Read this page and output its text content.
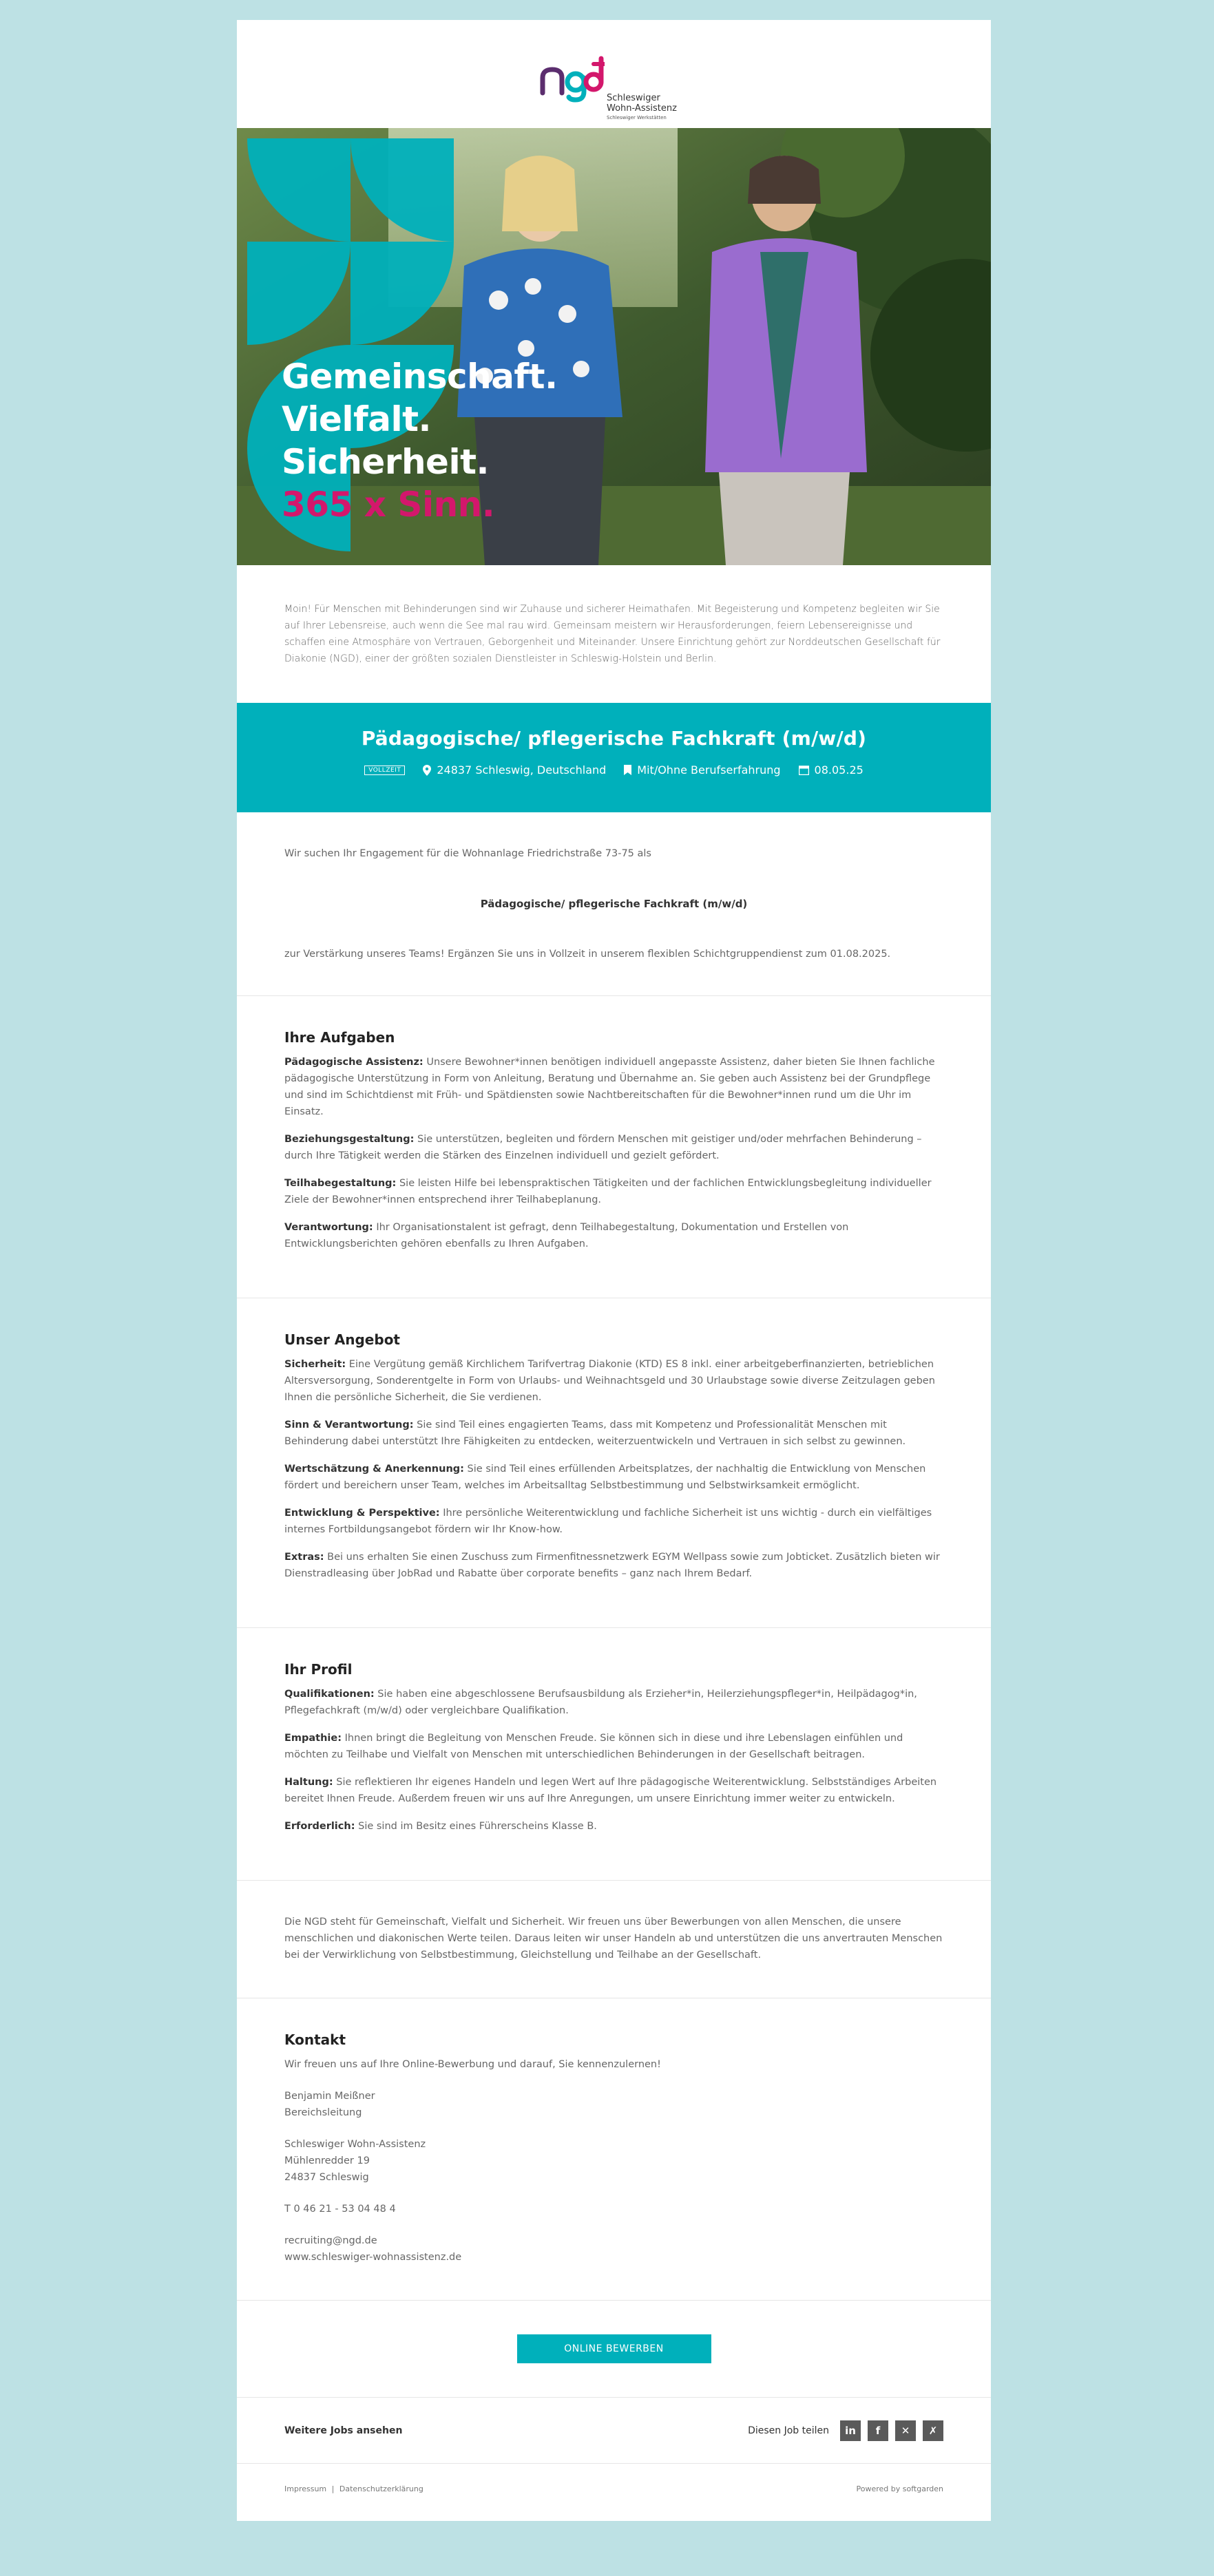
Schleswiger
Wohn-Assistenz
Schleswiger Werkstätten
Gemeinschaft.
Vielfalt.
Sicherheit.
365 x Sinn.
Moin! Für Menschen mit Behinderungen sind wir Zuhause und sicherer Heimathafen. Mit Begeisterung und Kompetenz begleiten wir Sie auf Ihrer Lebensreise, auch wenn die See mal rau wird. Gemeinsam meistern wir Herausforderungen, feiern Lebensereignisse und schaffen eine Atmosphäre von Vertrauen, Geborgenheit und Miteinander. Unsere Einrichtung gehört zur Norddeutschen Gesellschaft für Diakonie (NGD), einer der größten sozialen Dienstleister in Schleswig-Holstein und Berlin.
Pädagogische/ pflegerische Fachkraft (m/w/d)
VOLLZEIT	24837 Schleswig, Deutschland	Mit/Ohne Berufserfahrung	08.05.25
Wir suchen Ihr Engagement für die Wohnanlage Friedrichstraße 73-75 als
Pädagogische/ pflegerische Fachkraft (m/w/d)
zur Verstärkung unseres Teams! Ergänzen Sie uns in Vollzeit in unserem flexiblen Schichtgruppendienst zum 01.08.2025.
Ihre Aufgaben
Pädagogische Assistenz: Unsere Bewohner*innen benötigen individuell angepasste Assistenz, daher bieten Sie Ihnen fachliche pädagogische Unterstützung in Form von Anleitung, Beratung und Übernahme an. Sie geben auch Assistenz bei der Grundpflege und sind im Schichtdienst mit Früh- und Spätdiensten sowie Nachtbereitschaften für die Bewohner*innen rund um die Uhr im Einsatz.
Beziehungsgestaltung: Sie unterstützen, begleiten und fördern Menschen mit geistiger und/oder mehrfachen Behinderung – durch Ihre Tätigkeit werden die Stärken des Einzelnen individuell und gezielt gefördert.
Teilhabegestaltung: Sie leisten Hilfe bei lebenspraktischen Tätigkeiten und der fachlichen Entwicklungsbegleitung individueller Ziele der Bewohner*innen entsprechend ihrer Teilhabeplanung.
Verantwortung: Ihr Organisationstalent ist gefragt, denn Teilhabegestaltung, Dokumentation und Erstellen von Entwicklungsberichten gehören ebenfalls zu Ihren Aufgaben.
Unser Angebot
Sicherheit: Eine Vergütung gemäß Kirchlichem Tarifvertrag Diakonie (KTD) ES 8 inkl. einer arbeitgeberfinanzierten, betrieblichen Altersversorgung, Sonderentgelte in Form von Urlaubs- und Weihnachtsgeld und 30 Urlaubstage sowie diverse Zeitzulagen geben Ihnen die persönliche Sicherheit, die Sie verdienen.
Sinn & Verantwortung: Sie sind Teil eines engagierten Teams, dass mit Kompetenz und Professionalität Menschen mit Behinderung dabei unterstützt Ihre Fähigkeiten zu entdecken, weiterzuentwickeln und Vertrauen in sich selbst zu gewinnen.
Wertschätzung & Anerkennung: Sie sind Teil eines erfüllenden Arbeitsplatzes, der nachhaltig die Entwicklung von Menschen fördert und bereichern unser Team, welches im Arbeitsalltag Selbstbestimmung und Selbstwirksamkeit ermöglicht.
Entwicklung & Perspektive: Ihre persönliche Weiterentwicklung und fachliche Sicherheit ist uns wichtig - durch ein vielfältiges internes Fortbildungsangebot fördern wir Ihr Know-how.
Extras: Bei uns erhalten Sie einen Zuschuss zum Firmenfitnessnetzwerk EGYM Wellpass sowie zum Jobticket. Zusätzlich bieten wir Dienstradleasing über JobRad und Rabatte über corporate benefits – ganz nach Ihrem Bedarf.
Ihr Profil
Qualifikationen: Sie haben eine abgeschlossene Berufsausbildung als Erzieher*in, Heilerziehungspfleger*in, Heilpädagog*in, Pflegefachkraft (m/w/d) oder vergleichbare Qualifikation.
Empathie: Ihnen bringt die Begleitung von Menschen Freude. Sie können sich in diese und ihre Lebenslagen einfühlen und möchten zu Teilhabe und Vielfalt von Menschen mit unterschiedlichen Behinderungen in der Gesellschaft beitragen.
Haltung: Sie reflektieren Ihr eigenes Handeln und legen Wert auf Ihre pädagogische Weiterentwicklung. Selbstständiges Arbeiten bereitet Ihnen Freude. Außerdem freuen wir uns auf Ihre Anregungen, um unsere Einrichtung immer weiter zu entwickeln.
Erforderlich: Sie sind im Besitz eines Führerscheins Klasse B.
Die NGD steht für Gemeinschaft, Vielfalt und Sicherheit. Wir freuen uns über Bewerbungen von allen Menschen, die unsere menschlichen und diakonischen Werte teilen. Daraus leiten wir unser Handeln ab und unterstützen die uns anvertrauten Menschen bei der Verwirklichung von Selbstbestimmung, Gleichstellung und Teilhabe an der Gesellschaft.
Kontakt
Wir freuen uns auf Ihre Online-Bewerbung und darauf, Sie kennenzulernen!
Benjamin Meißner
Bereichsleitung
Schleswiger Wohn-Assistenz
Mühlenredder 19
24837 Schleswig
T 0 46 21 - 53 04 48 4
recruiting@ngd.de
www.schleswiger-wohnassistenz.de
ONLINE BEWERBEN
Weitere Jobs ansehen	Diesen Job teilen	in	f	✕	✗
Impressum | Datenschutzerklärung	Powered by softgarden
